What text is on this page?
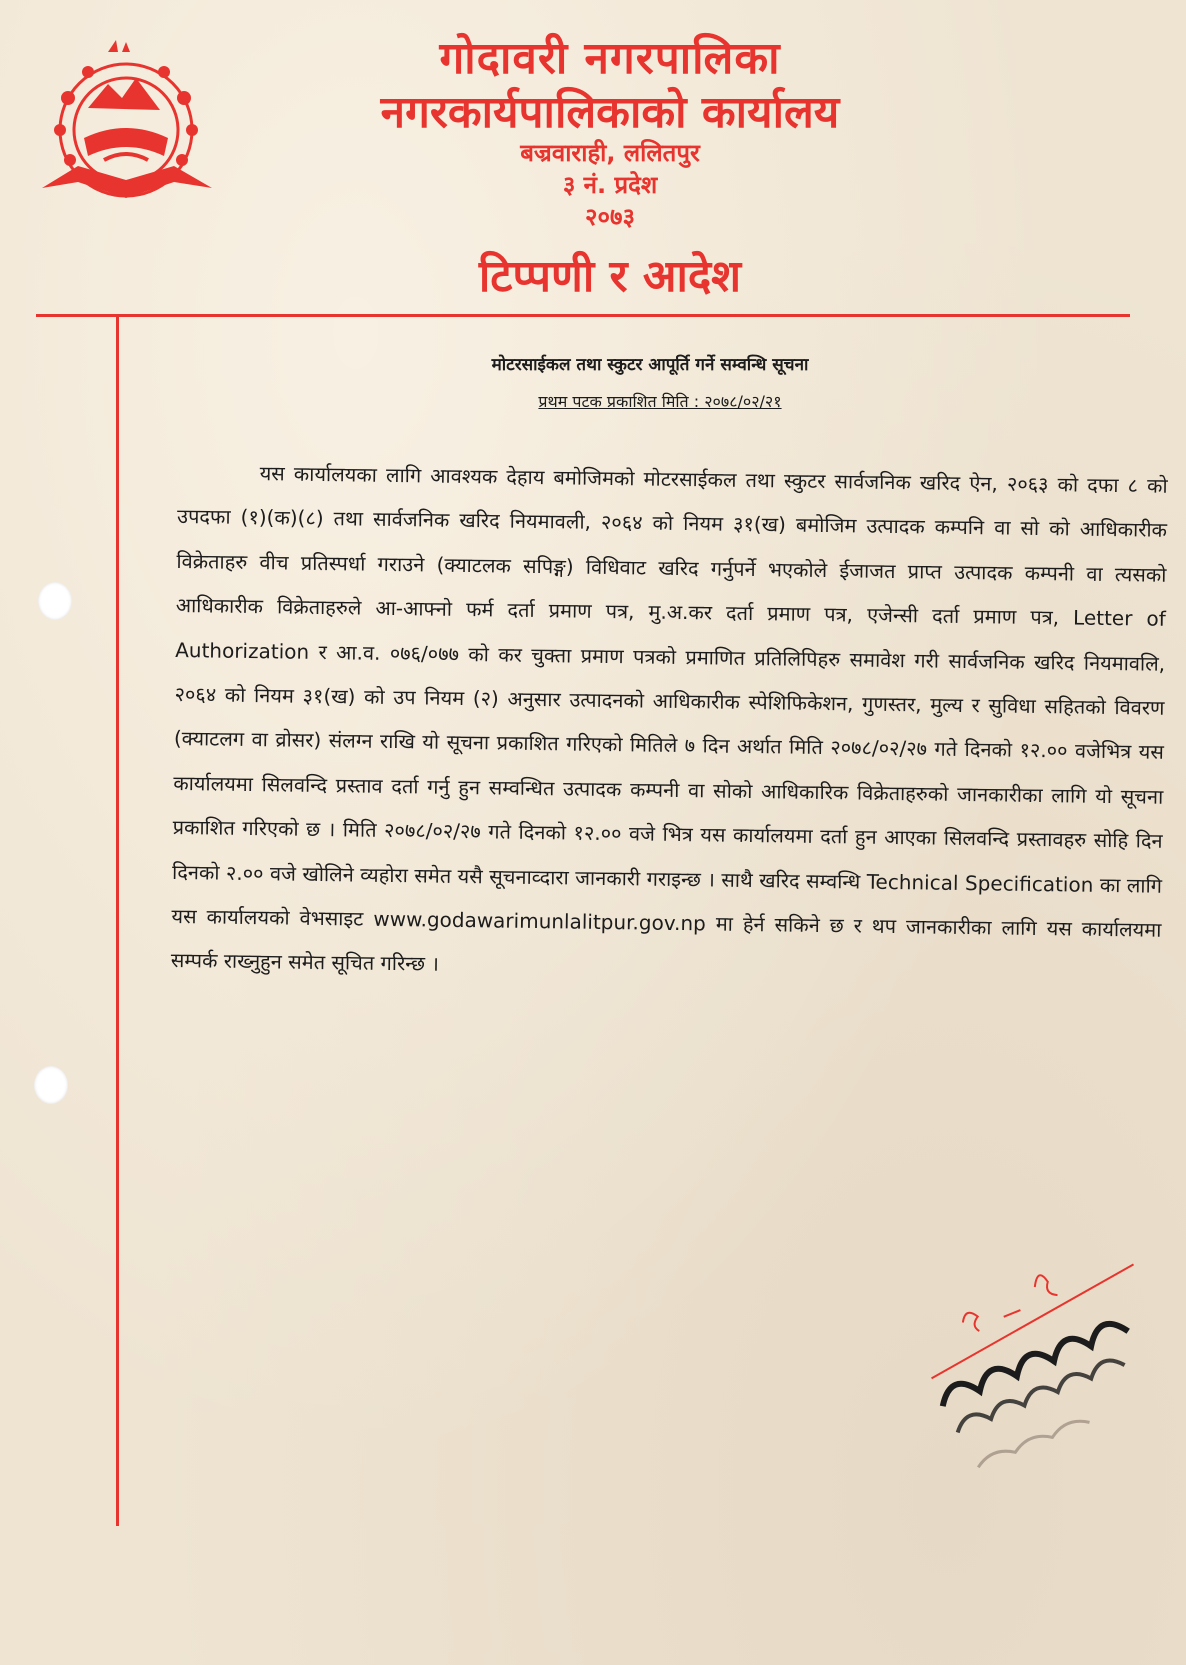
गोदावरी नगरपालिका
नगरकार्यपालिकाको कार्यालय

बज्रवाराही, ललितपुर

३ नं. प्रदेश

२०७३

टिप्पणी र आदेश

मोटरसाईकल तथा स्कुटर आपूर्ति गर्ने सम्वन्धि सूचना

प्रथम पटक प्रकाशित मिति : २०७८/०२/२१

यस कार्यालयका लागि आवश्यक देहाय बमोजिमको मोटरसाईकल तथा स्कुटर सार्वजनिक खरिद ऐन, २०६३ को दफा ८ को उपदफा (१)(क)(८) तथा सार्वजनिक खरिद नियमावली, २०६४ को नियम ३१(ख) बमोजिम उत्पादक कम्पनि वा सो को आधिकारीक विक्रेताहरु वीच प्रतिस्पर्धा गराउने (क्याटलक सपिङ्ग) विधिवाट खरिद गर्नुपर्ने भएकोले ईजाजत प्राप्त उत्पादक कम्पनी वा त्यसको आधिकारीक विक्रेताहरुले आ-आफ्नो फर्म दर्ता प्रमाण पत्र, मु.अ.कर दर्ता प्रमाण पत्र, एजेन्सी दर्ता प्रमाण पत्र, Letter of Authorization र आ.व. ०७६/०७७ को कर चुक्ता प्रमाण पत्रको प्रमाणित प्रतिलिपिहरु समावेश गरी सार्वजनिक खरिद नियमावलि, २०६४ को नियम ३१(ख) को उप नियम (२) अनुसार उत्पादनको आधिकारीक स्पेशिफिकेशन, गुणस्तर, मुल्य र सुविधा सहितको विवरण (क्याटलग वा व्रोसर) संलग्न राखि यो सूचना प्रकाशित गरिएको मितिले ७ दिन अर्थात मिति २०७८/०२/२७ गते दिनको १२.०० वजेभित्र यस कार्यालयमा सिलवन्दि प्रस्ताव दर्ता गर्नु हुन सम्वन्धित उत्पादक कम्पनी वा सोको आधिकारिक विक्रेताहरुको जानकारीका लागि यो सूचना प्रकाशित गरिएको छ । मिति २०७८/०२/२७ गते दिनको १२.०० वजे भित्र यस कार्यालयमा दर्ता हुन आएका सिलवन्दि प्रस्तावहरु सोहि दिन दिनको २.०० वजे खोलिने व्यहोरा समेत यसै सूचनाव्दारा जानकारी गराइन्छ । साथै खरिद सम्वन्धि Technical Specification का लागि यस कार्यालयको वेभसाइट www.godawarimunlalitpur.gov.np मा हेर्न सकिने छ र थप जानकारीका लागि यस कार्यालयमा सम्पर्क राख्नुहुन समेत सूचित गरिन्छ ।
